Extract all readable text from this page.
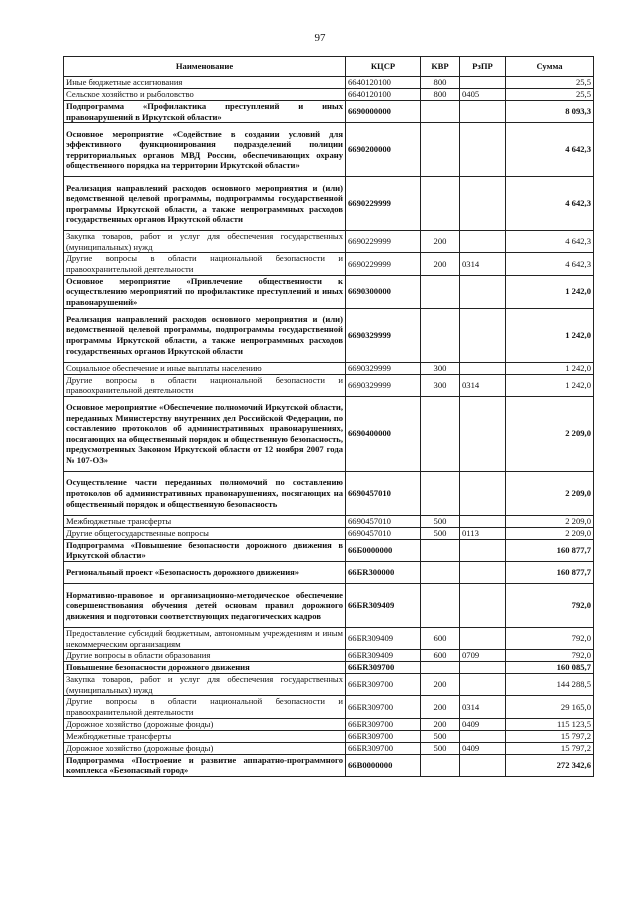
97
Наименование	КЦСР	КВР	РзПР	Сумма
Иные бюджетные ассигнования	6640120100	800		25,5
Сельское хозяйство и рыболовство	6640120100	800	0405	25,5
Подпрограмма «Профилактика преступлений и иных правонарушений в Иркутской области»	6690000000			8 093,3
Основное мероприятие «Содействие в создании условий для эффективного функционирования подразделений полиции территориальных органов МВД России, обеспечивающих охрану общественного порядка на территории Иркутской области»	6690200000			4 642,3
Реализация направлений расходов основного мероприятия и (или) ведомственной целевой программы, подпрограммы государственной программы Иркутской области, а также непрограммных расходов государственных органов Иркутской области	6690229999			4 642,3
Закупка товаров, работ и услуг для обеспечения государственных (муниципальных) нужд	6690229999	200		4 642,3
Другие вопросы в области национальной безопасности и правоохранительной деятельности	6690229999	200	0314	4 642,3
Основное мероприятие «Привлечение общественности к осуществлению мероприятий по профилактике преступлений и иных правонарушений»	6690300000			1 242,0
Реализация направлений расходов основного мероприятия и (или) ведомственной целевой программы, подпрограммы государственной программы Иркутской области, а также непрограммных расходов государственных органов Иркутской области	6690329999			1 242,0
Социальное обеспечение и иные выплаты населению	6690329999	300		1 242,0
Другие вопросы в области национальной безопасности и правоохранительной деятельности	6690329999	300	0314	1 242,0
Основное мероприятие «Обеспечение полномочий Иркутской области, переданных Министерству внутренних дел Российской Федерации, по составлению протоколов об административных правонарушениях, посягающих на общественный порядок и общественную безопасность, предусмотренных Законом Иркутской области от 12 ноября 2007 года № 107-ОЗ»	6690400000			2 209,0
Осуществление части переданных полномочий по составлению протоколов об административных правонарушениях, посягающих на общественный порядок и общественную безопасность	6690457010			2 209,0
Межбюджетные трансферты	6690457010	500		2 209,0
Другие общегосударственные вопросы	6690457010	500	0113	2 209,0
Подпрограмма «Повышение безопасности дорожного движения в Иркутской области»	66Б0000000			160 877,7
Региональный проект «Безопасность дорожного движения»	66БR300000			160 877,7
Нормативно-правовое и организационно-методическое обеспечение совершенствования обучения детей основам правил дорожного движения и подготовки соответствующих педагогических кадров	66БR309409			792,0
Предоставление субсидий бюджетным, автономным учреждениям и иным некоммерческим организациям	66БR309409	600		792,0
Другие вопросы в области образования	66БR309409	600	0709	792,0
Повышение безопасности дорожного движения	66БR309700			160 085,7
Закупка товаров, работ и услуг для обеспечения государственных (муниципальных) нужд	66БR309700	200		144 288,5
Другие вопросы в области национальной безопасности и правоохранительной деятельности	66БR309700	200	0314	29 165,0
Дорожное хозяйство (дорожные фонды)	66БR309700	200	0409	115 123,5
Межбюджетные трансферты	66БR309700	500		15 797,2
Дорожное хозяйство (дорожные фонды)	66БR309700	500	0409	15 797,2
Подпрограмма «Построение и развитие аппаратно-программного комплекса «Безопасный город»	66В0000000			272 342,6
